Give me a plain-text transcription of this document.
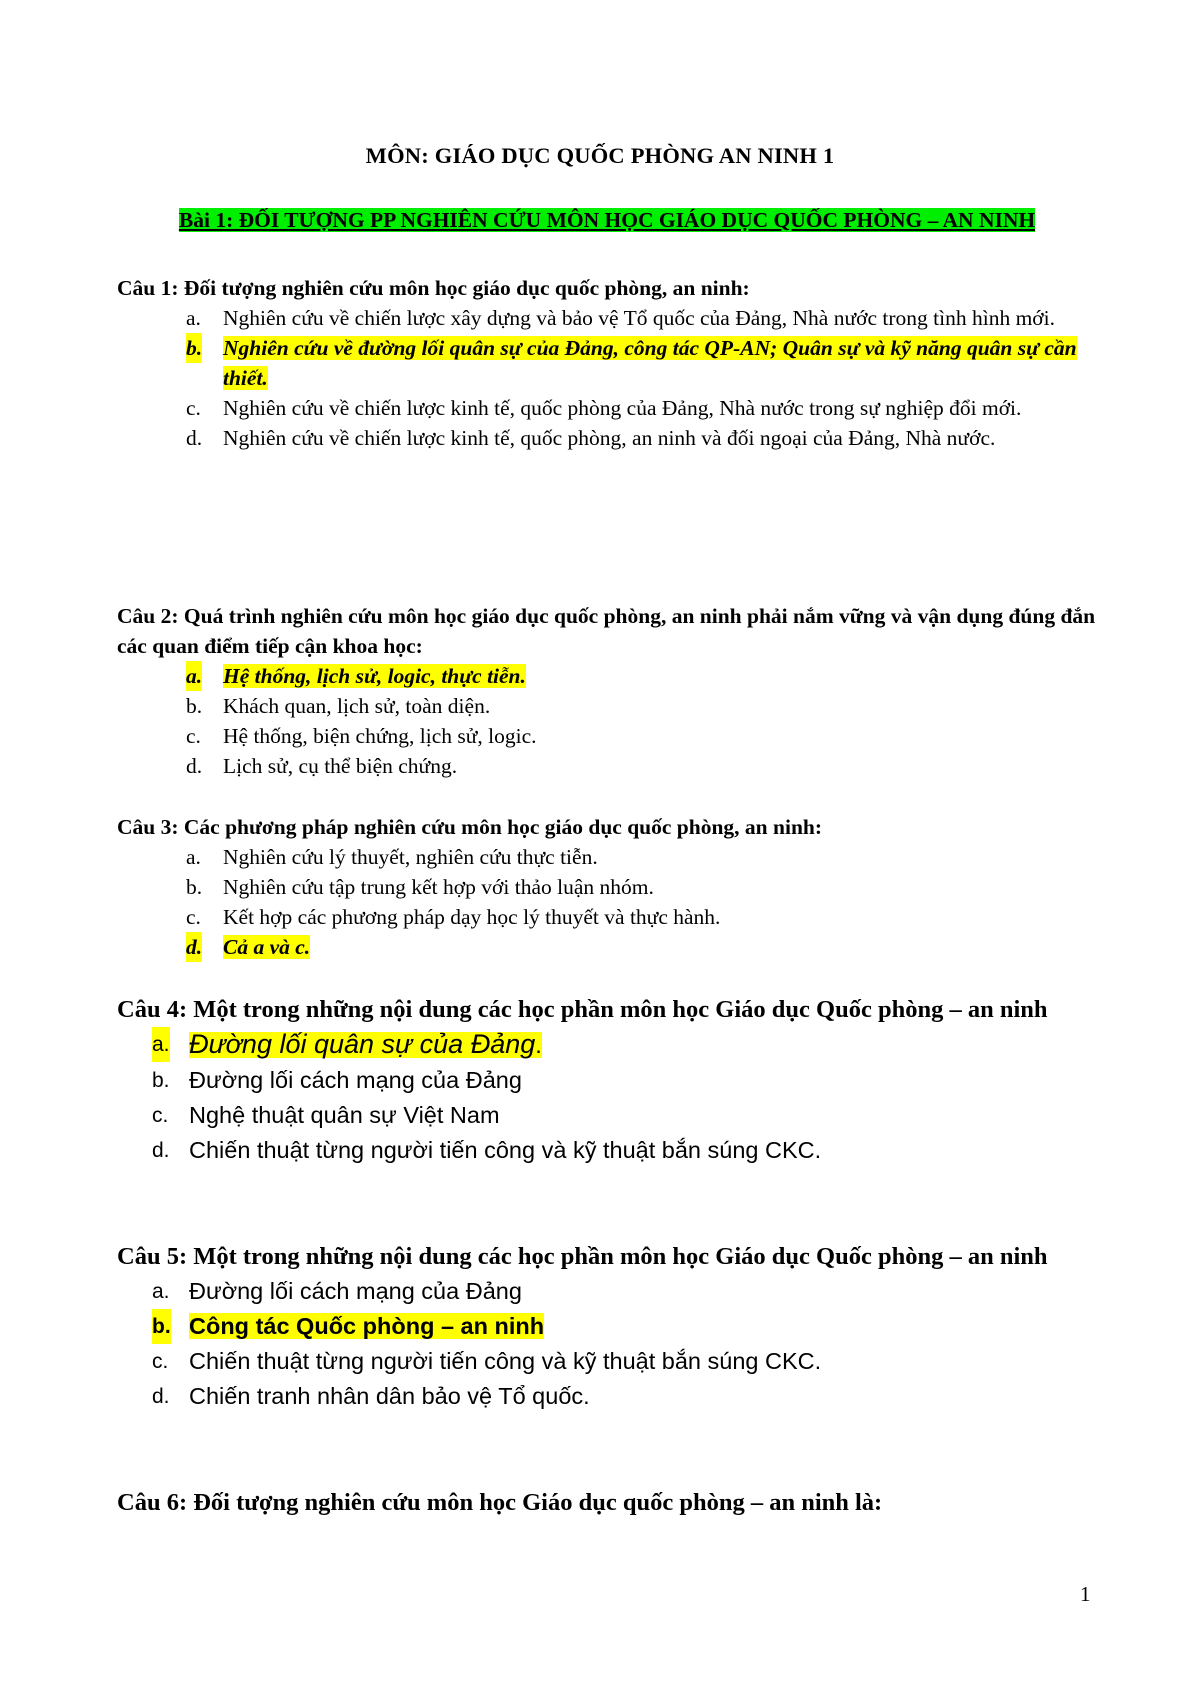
MÔN: GIÁO DỤC QUỐC PHÒNG AN NINH 1
Bài 1: ĐỐI TƯỢNG PP NGHIÊN CỨU MÔN HỌC GIÁO DỤC QUỐC PHÒNG – AN NINH
Câu 1: Đối tượng nghiên cứu môn học giáo dục quốc phòng, an ninh:
a. Nghiên cứu về chiến lược xây dựng và bảo vệ Tổ quốc của Đảng, Nhà nước trong tình hình mới.
b. Nghiên cứu về đường lối quân sự của Đảng, công tác QP-AN; Quân sự và kỹ năng quân sự cần thiết.
c. Nghiên cứu về chiến lược kinh tế, quốc phòng của Đảng, Nhà nước trong sự nghiệp đổi mới.
d. Nghiên cứu về chiến lược kinh tế, quốc phòng, an ninh và đối ngoại của Đảng, Nhà nước.
Câu 2: Quá trình nghiên cứu môn học giáo dục quốc phòng, an ninh phải nắm vững và vận dụng đúng đắn các quan điểm tiếp cận khoa học:
a. Hệ thống, lịch sử, logic, thực tiễn.
b. Khách quan, lịch sử, toàn diện.
c. Hệ thống, biện chứng, lịch sử, logic.
d. Lịch sử, cụ thể biện chứng.
Câu 3: Các phương pháp nghiên cứu môn học giáo dục quốc phòng, an ninh:
a. Nghiên cứu lý thuyết, nghiên cứu thực tiễn.
b. Nghiên cứu tập trung kết hợp với thảo luận nhóm.
c. Kết hợp các phương pháp dạy học lý thuyết và thực hành.
d. Cả a và c.
Câu 4: Một trong những nội dung các học phần môn học Giáo dục Quốc phòng – an ninh
a. Đường lối quân sự của Đảng.
b. Đường lối cách mạng của Đảng
c. Nghệ thuật quân sự Việt Nam
d. Chiến thuật từng người tiến công và kỹ thuật bắn súng CKC.
Câu 5: Một trong những nội dung các học phần môn học Giáo dục Quốc phòng – an ninh
a. Đường lối cách mạng của Đảng
b. Công tác Quốc phòng – an ninh
c. Chiến thuật từng người tiến công và kỹ thuật bắn súng CKC.
d. Chiến tranh nhân dân bảo vệ Tổ quốc.
Câu 6: Đối tượng nghiên cứu môn học Giáo dục quốc phòng – an ninh là:
1
